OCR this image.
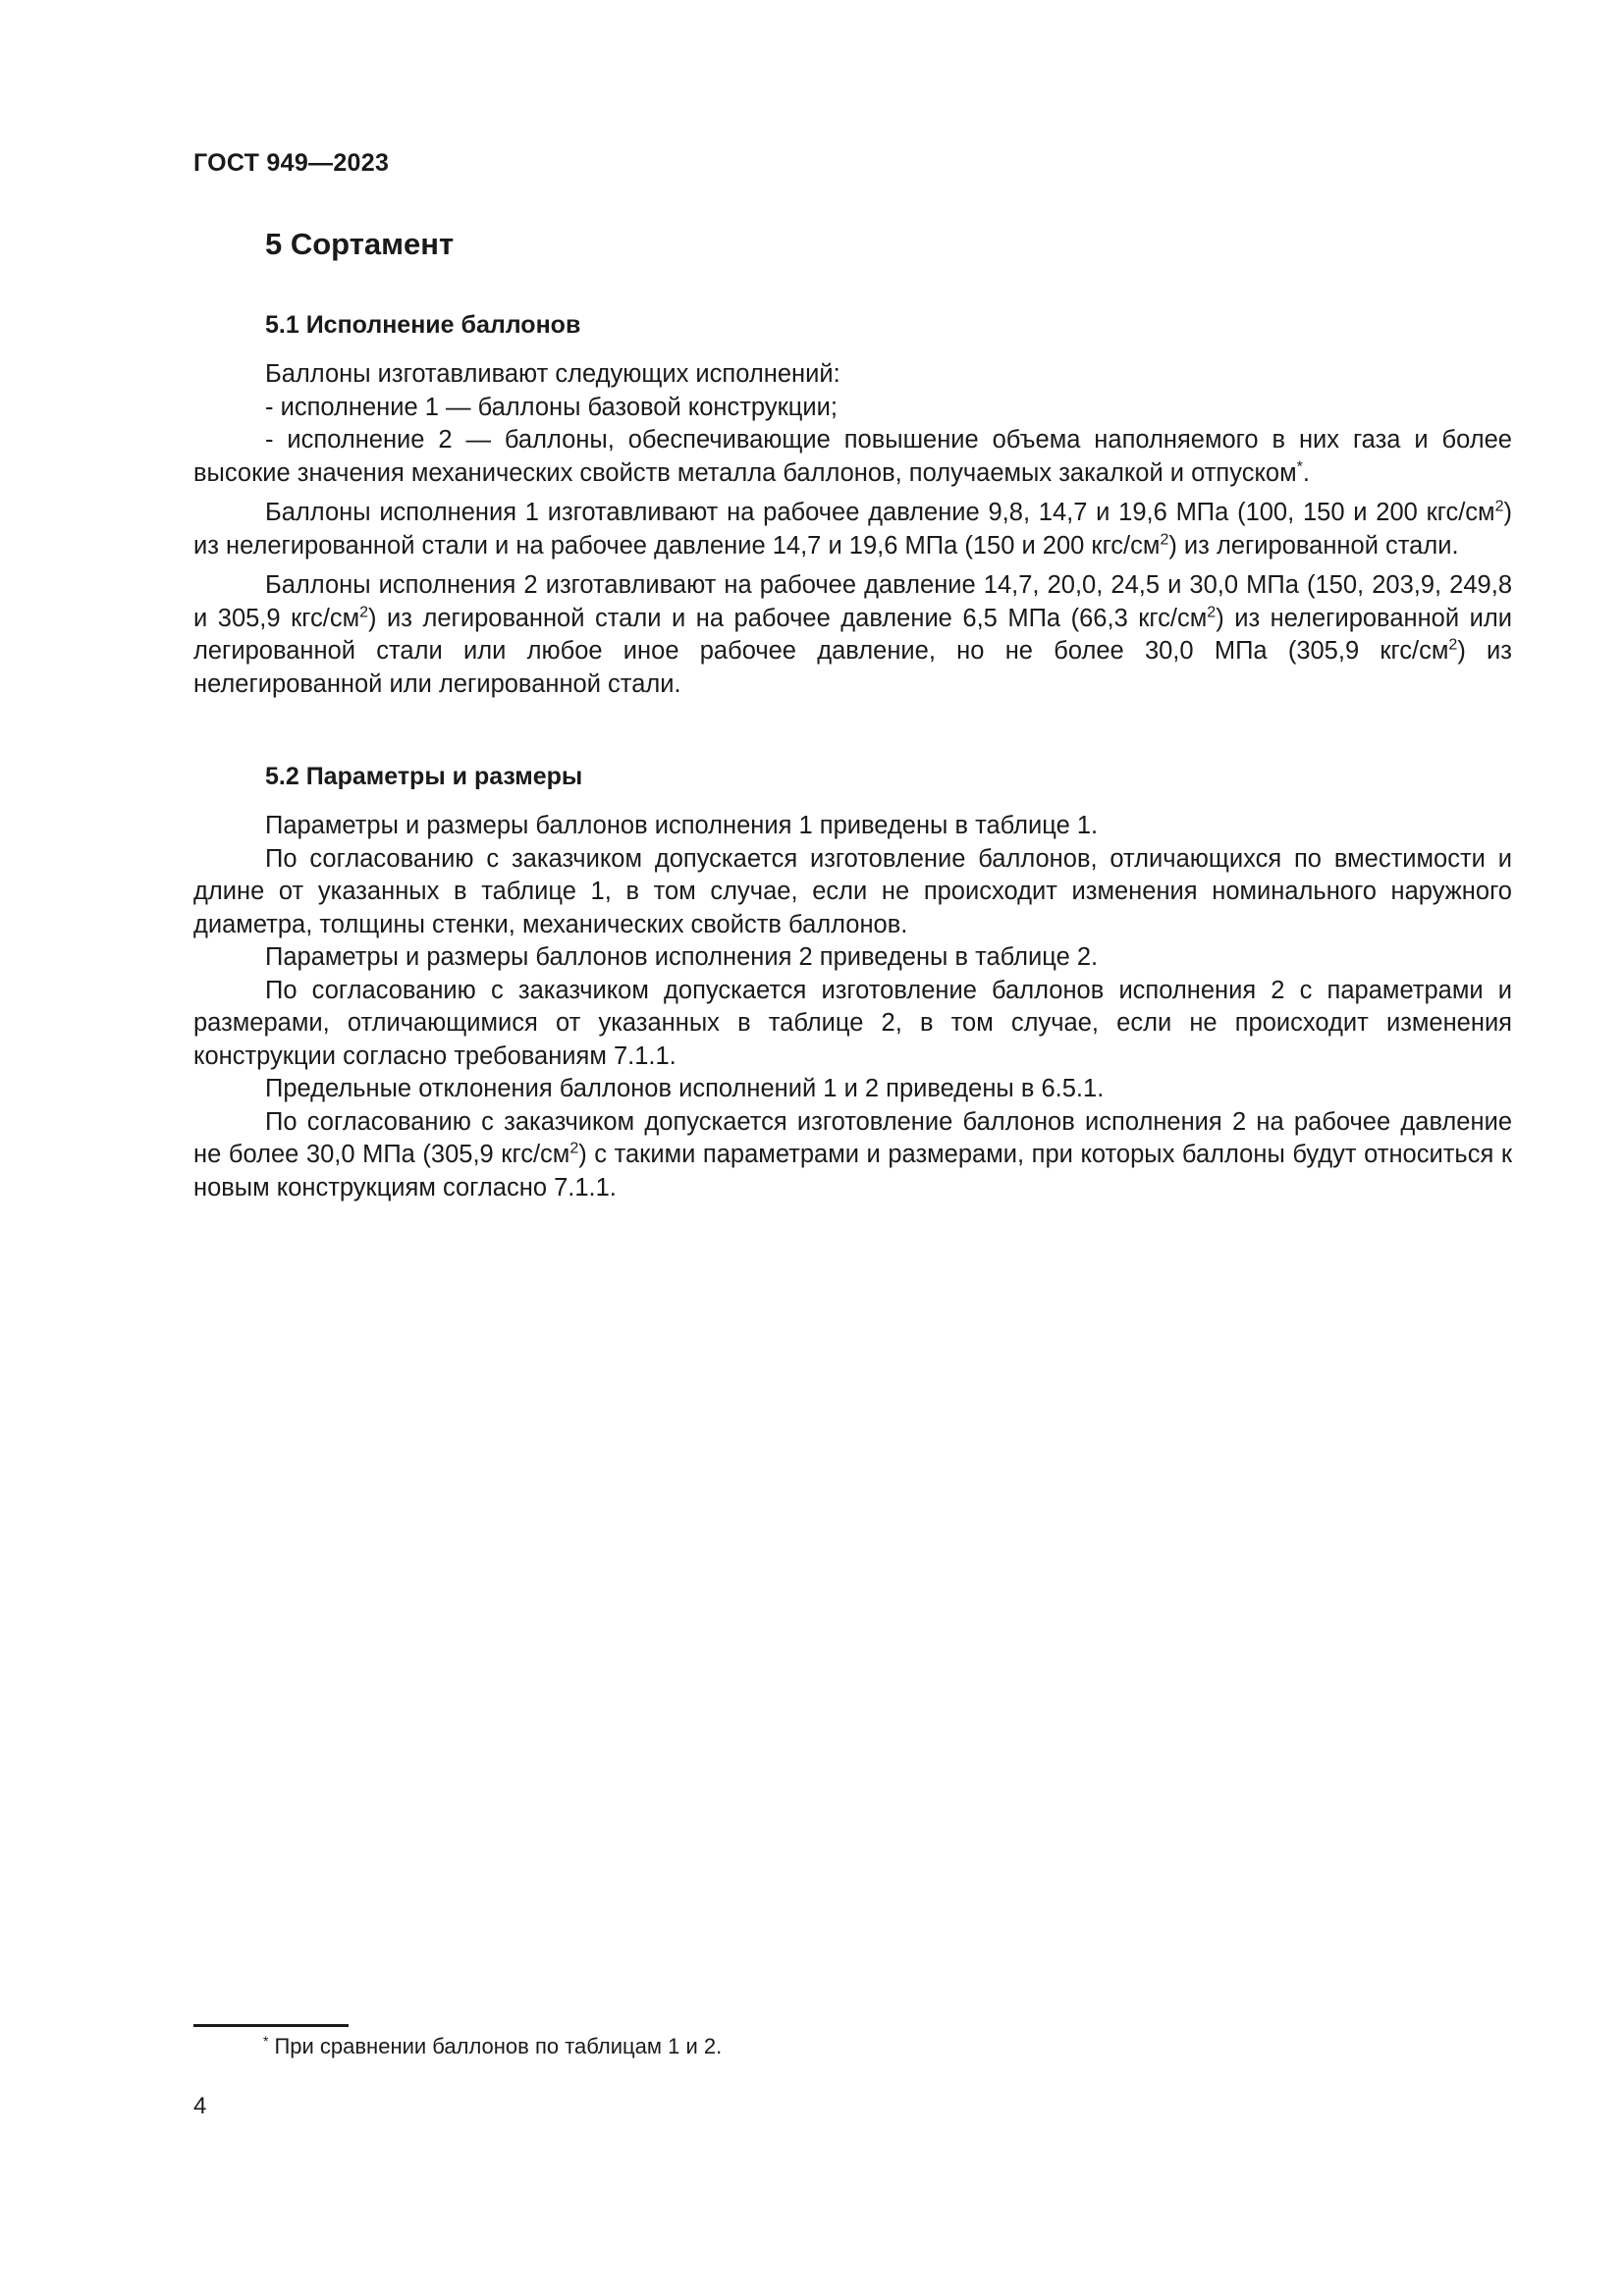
ГОСТ 949—2023
5 Сортамент
5.1 Исполнение баллонов

Баллоны изготавливают следующих исполнений:

- исполнение 1 — баллоны базовой конструкции;

- исполнение 2 — баллоны, обеспечивающие повышение объема наполняемого в них газа и более высокие значения механических свойств металла баллонов, получаемых закалкой и отпуском*.

Баллоны исполнения 1 изготавливают на рабочее давление 9,8, 14,7 и 19,6 МПа (100, 150 и 200 кгс/$см^2$) из нелегированной стали и на рабочее давление 14,7 и 19,6 МПа (150 и 200 кгс/$см^2$) из легированной стали.

Баллоны исполнения 2 изготавливают на рабочее давление 14,7, 20,0, 24,5 и 30,0 МПа (150, 203,9, 249,8 и 305,9 кгс/$см^2$) из легированной стали и на рабочее давление 6,5 МПа (66,3 кгс/$см^2$) из нелегированной или легированной стали или любое иное рабочее давление, но не более 30,0 МПа (305,9 кгс/$см^2$) из нелегированной или легированной стали.

5.2 Параметры и размеры

Параметры и размеры баллонов исполнения 1 приведены в таблице 1.

По согласованию с заказчиком допускается изготовление баллонов, отличающихся по вместимости и длине от указанных в таблице 1, в том случае, если не происходит изменения номинального наружного диаметра, толщины стенки, механических свойств баллонов.

Параметры и размеры баллонов исполнения 2 приведены в таблице 2.

По согласованию с заказчиком допускается изготовление баллонов исполнения 2 с параметрами и размерами, отличающимися от указанных в таблице 2, в том случае, если не происходит изменения конструкции согласно требованиям 7.1.1.

Предельные отклонения баллонов исполнений 1 и 2 приведены в 6.5.1.

По согласованию с заказчиком допускается изготовление баллонов исполнения 2 на рабочее давление не более 30,0 МПа (305,9 кгс/$см^2$) с такими параметрами и размерами, при которых баллоны будут относиться к новым конструкциям согласно 7.1.1.

* При сравнении баллонов по таблицам 1 и 2.
4
